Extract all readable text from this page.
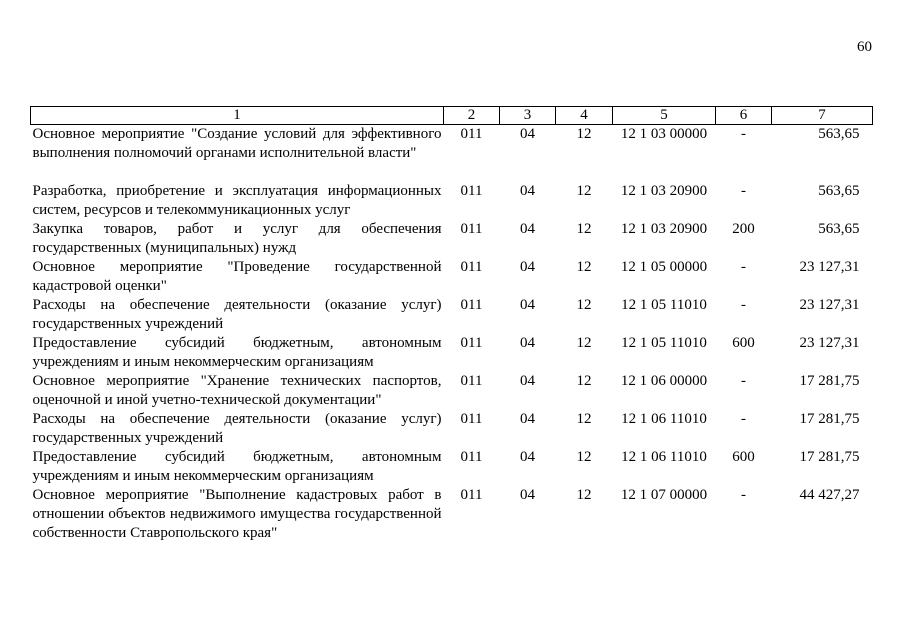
60
1	2	3	4	5	6	7
Основное мероприятие "Создание условий для эффективного выполнения полномочий органами исполнительной власти"	011	04	12	12 1 03 00000	-	563,65
Разработка, приобретение и эксплуатация информационных систем, ресурсов и телекоммуникационных услуг	011	04	12	12 1 03 20900	-	563,65
Закупка товаров, работ и услуг для обеспечения государственных (муниципальных) нужд	011	04	12	12 1 03 20900	200	563,65
Основное мероприятие "Проведение государственной кадастровой оценки"	011	04	12	12 1 05 00000	-	23 127,31
Расходы на обеспечение деятельности (оказание услуг) государственных учреждений	011	04	12	12 1 05 11010	-	23 127,31
Предоставление субсидий бюджетным, автономным учреждениям и иным некоммерческим организациям	011	04	12	12 1 05 11010	600	23 127,31
Основное мероприятие "Хранение технических паспортов, оценочной и иной учетно-технической документации"	011	04	12	12 1 06 00000	-	17 281,75
Расходы на обеспечение деятельности (оказание услуг) государственных учреждений	011	04	12	12 1 06 11010	-	17 281,75
Предоставление субсидий бюджетным, автономным учреждениям и иным некоммерческим организациям	011	04	12	12 1 06 11010	600	17 281,75
Основное мероприятие "Выполнение кадастровых работ в отношении объектов недвижимого имущества государственной собственности Ставропольского края"	011	04	12	12 1 07 00000	-	44 427,27
